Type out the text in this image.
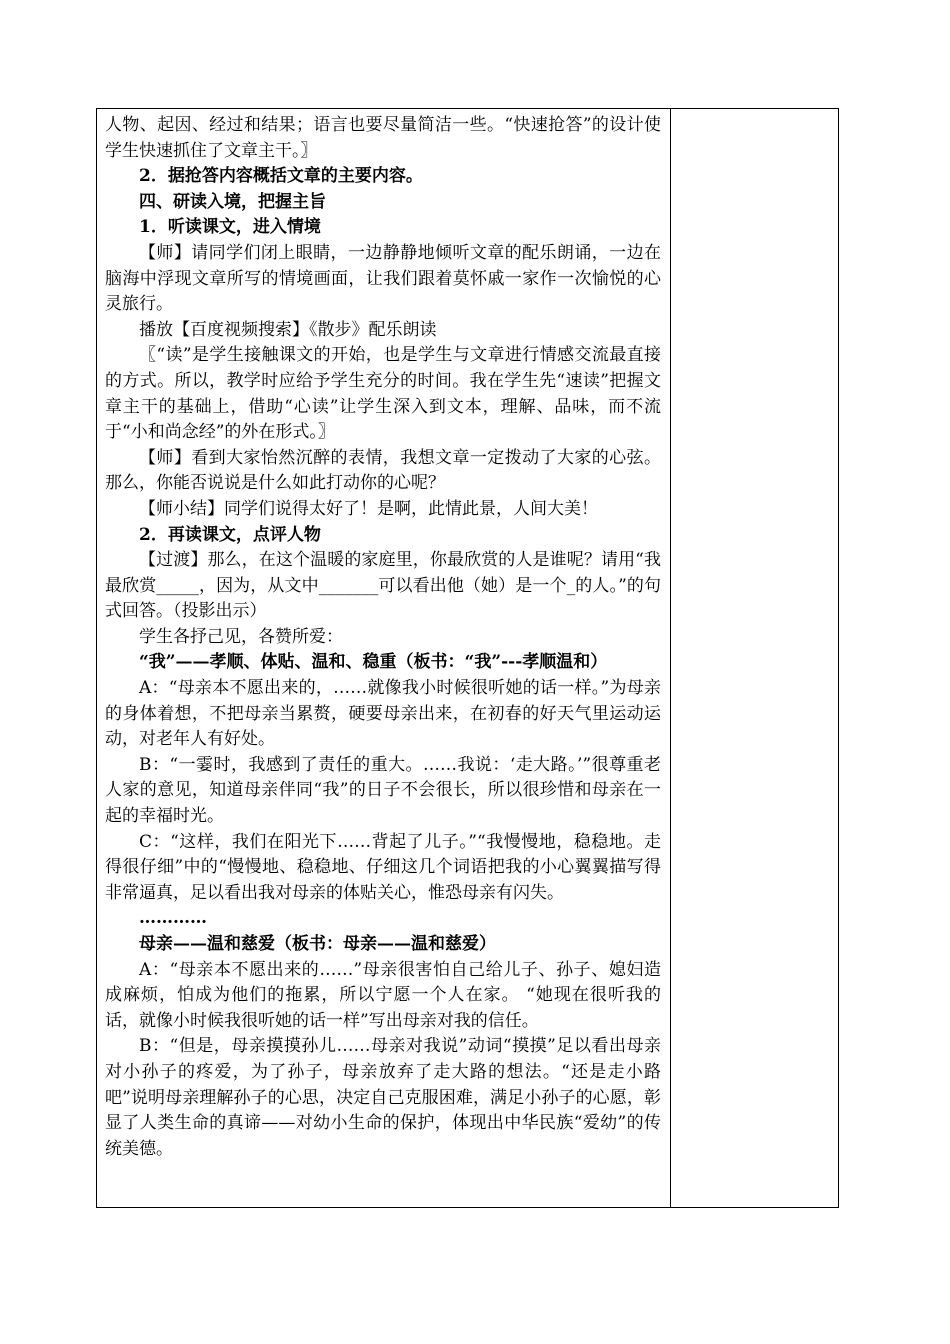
人物、起因、经过和结果；语言也要尽量简洁一些。“快速抢答”的设计使学生快速抓住了文章主干。〗

2．据抢答内容概括文章的主要内容。

四、研读入境，把握主旨

1．听读课文，进入情境

【师】请同学们闭上眼睛，一边静静地倾听文章的配乐朗诵，一边在脑海中浮现文章所写的情境画面，让我们跟着莫怀戚一家作一次愉悦的心灵旅行。

播放【百度视频搜索】《散步》配乐朗读

〖“读”是学生接触课文的开始，也是学生与文章进行情感交流最直接的方式。所以，教学时应给予学生充分的时间。我在学生先“速读”把握文章主干的基础上，借助“心读”让学生深入到文本，理解、品味，而不流于“小和尚念经”的外在形式。〗

【师】看到大家怡然沉醉的表情，我想文章一定拨动了大家的心弦。那么，你能否说说是什么如此打动你的心呢？

【师小结】同学们说得太好了！是啊，此情此景，人间大美！

2．再读课文，点评人物

【过渡】那么，在这个温暖的家庭里，你最欣赏的人是谁呢？请用“我最欣赏_____，因为，从文中_______可以看出他（她）是一个_的人。”的句式回答。（投影出示）

学生各抒己见，各赞所爱：

“我”——孝顺、体贴、温和、稳重（板书：“我”---孝顺温和）

A：“母亲本不愿出来的，……就像我小时候很听她的话一样。”为母亲的身体着想，不把母亲当累赘，硬要母亲出来，在初春的好天气里运动运动，对老年人有好处。

B：“一霎时，我感到了责任的重大。……我说：‘走大路。’”很尊重老人家的意见，知道母亲伴同“我”的日子不会很长，所以很珍惜和母亲在一起的幸福时光。

C：“这样，我们在阳光下……背起了儿子。”“我慢慢地，稳稳地。走得很仔细”中的“慢慢地、稳稳地、仔细这几个词语把我的小心翼翼描写得非常逼真，足以看出我对母亲的体贴关心，惟恐母亲有闪失。

…………

母亲——温和慈爱（板书：母亲——温和慈爱）

A：“母亲本不愿出来的……”母亲很害怕自己给儿子、孙子、媳妇造成麻烦，怕成为他们的拖累，所以宁愿一个人在家。 “她现在很听我的话，就像小时候我很听她的话一样”写出母亲对我的信任。

B：“但是，母亲摸摸孙儿……母亲对我说”动词“摸摸”足以看出母亲对小孙子的疼爱，为了孙子，母亲放弃了走大路的想法。“还是走小路吧”说明母亲理解孙子的心思，决定自己克服困难，满足小孙子的心愿，彰显了人类生命的真谛——对幼小生命的保护，体现出中华民族“爱幼”的传统美德。
